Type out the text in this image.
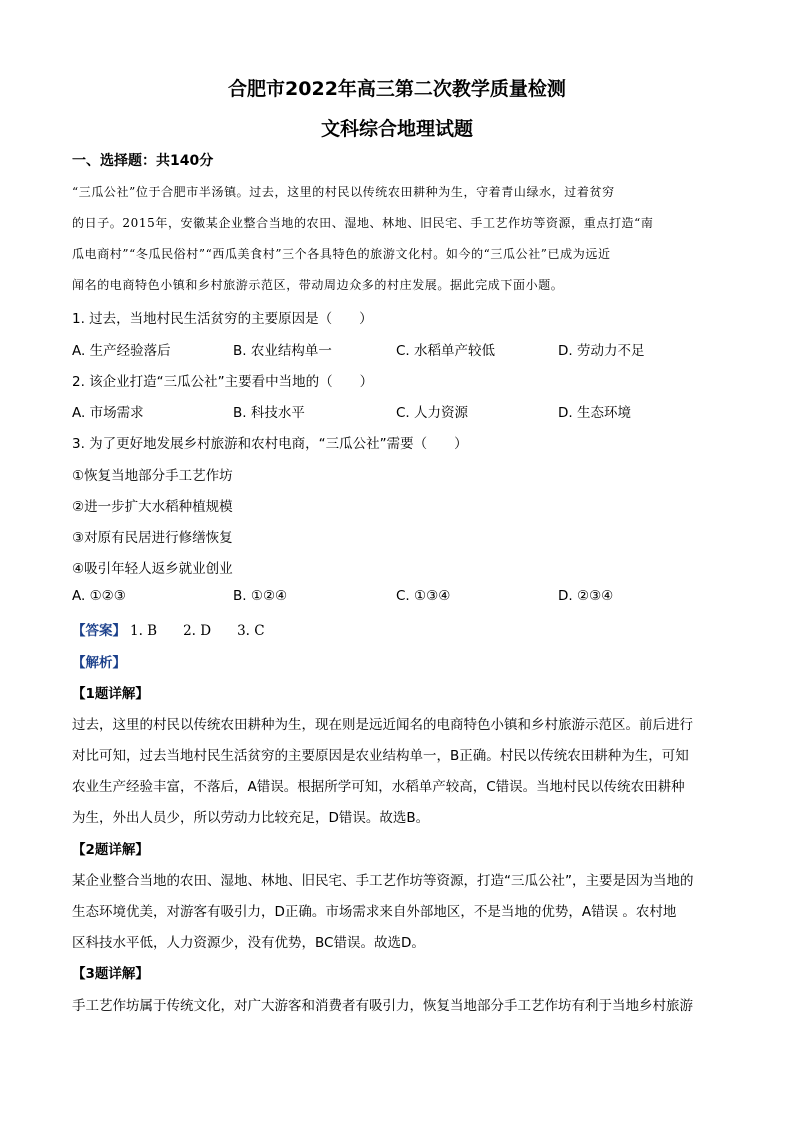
合肥市2022年高三第二次教学质量检测
文科综合地理试题
一、选择题：共140分
“三瓜公社”位于合肥市半汤镇。过去，这里的村民以传统农田耕种为生，守着青山绿水，过着贫穷
的日子。2015年，安徽某企业整合当地的农田、湿地、林地、旧民宅、手工艺作坊等资源，重点打造“南
瓜电商村”“冬瓜民俗村”“西瓜美食村”三个各具特色的旅游文化村。如今的“三瓜公社”已成为远近
闻名的电商特色小镇和乡村旅游示范区，带动周边众多的村庄发展。据此完成下面小题。
1. 过去，当地村民生活贫穷的主要原因是（　　）
A. 生产经验落后	B. 农业结构单一	C. 水稻单产较低	D. 劳动力不足
2. 该企业打造“三瓜公社”主要看中当地的（　　）
A. 市场需求	B. 科技水平	C. 人力资源	D. 生态环境
3. 为了更好地发展乡村旅游和农村电商，“三瓜公社”需要（　　）
①恢复当地部分手工艺作坊
②进一步扩大水稻种植规模
③对原有民居进行修缮恢复
④吸引年轻人返乡就业创业
A. ①②③	B. ①②④	C. ①③④	D. ②③④
【答案】 1. B 2. D 3. C
【解析】
【1题详解】
过去，这里的村民以传统农田耕种为生，现在则是远近闻名的电商特色小镇和乡村旅游示范区。前后进行
对比可知，过去当地村民生活贫穷的主要原因是农业结构单一，B正确。村民以传统农田耕种为生，可知
农业生产经验丰富，不落后，A错误。根据所学可知，水稻单产较高，C错误。当地村民以传统农田耕种
为生，外出人员少，所以劳动力比较充足，D错误。故选B。
【2题详解】
某企业整合当地的农田、湿地、林地、旧民宅、手工艺作坊等资源，打造“三瓜公社”，主要是因为当地的
生态环境优美，对游客有吸引力，D正确。市场需求来自外部地区，不是当地的优势，A错误 。农村地
区科技水平低，人力资源少，没有优势，BC错误。故选D。
【3题详解】
手工艺作坊属于传统文化，对广大游客和消费者有吸引力，恢复当地部分手工艺作坊有利于当地乡村旅游
